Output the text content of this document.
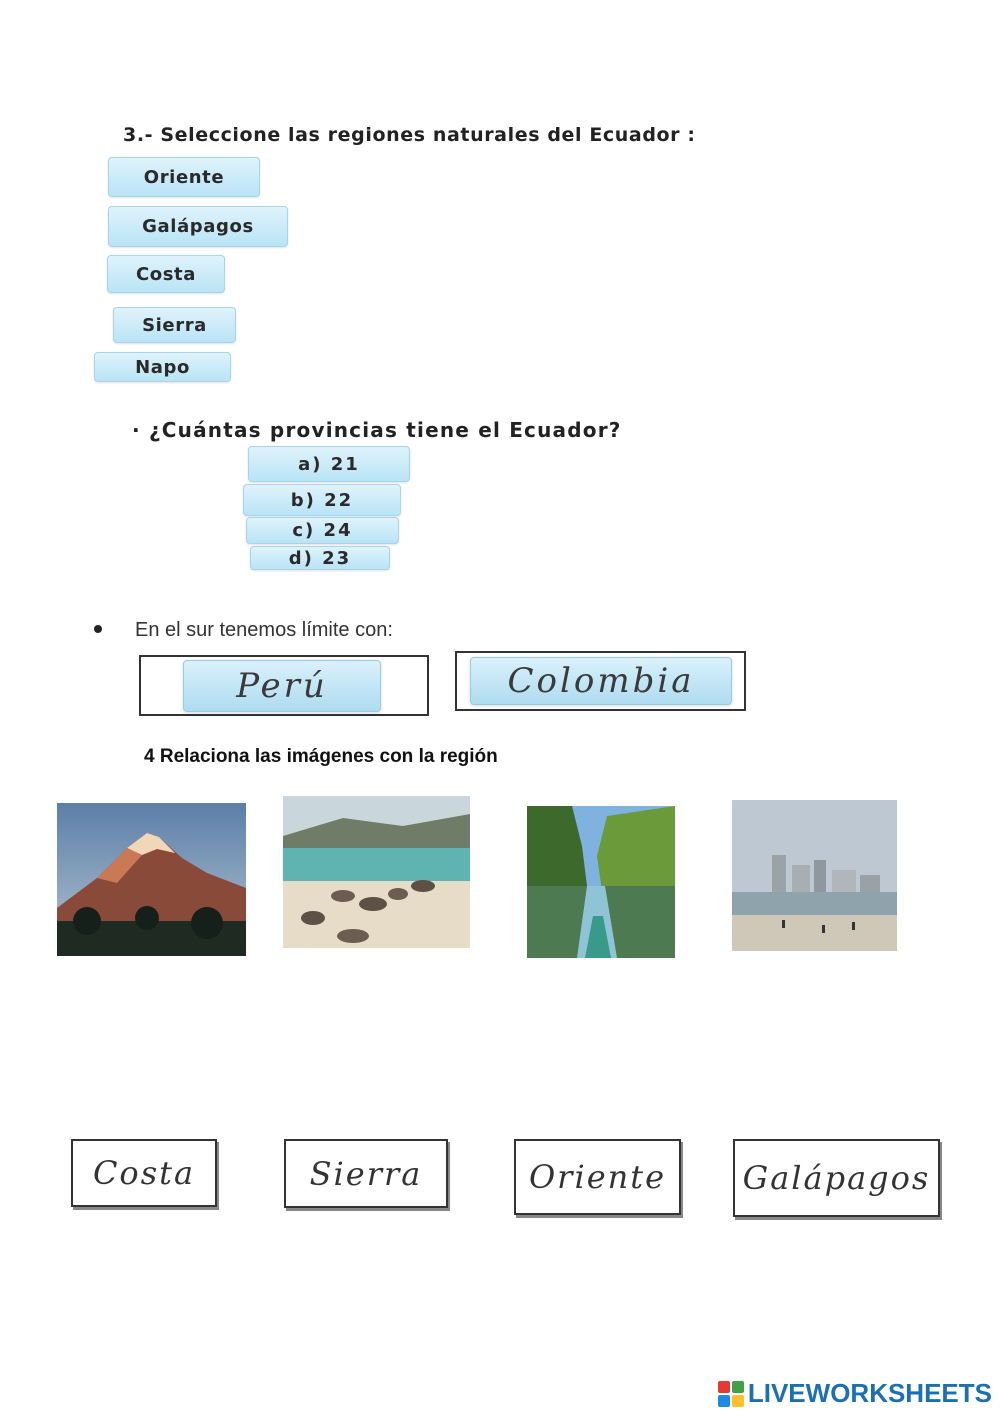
3.- Seleccione las regiones naturales del Ecuador :
Oriente
Galápagos
Costa
Sierra
Napo
· ¿Cuántas provincias tiene el Ecuador?
a) 21
b) 22
c) 24
d) 23
En el sur tenemos límite con:
Perú	Colombia
4 Relaciona las imágenes con la región
Costa	Sierra	Oriente	Galápagos
LIVEWORKSHEETS
